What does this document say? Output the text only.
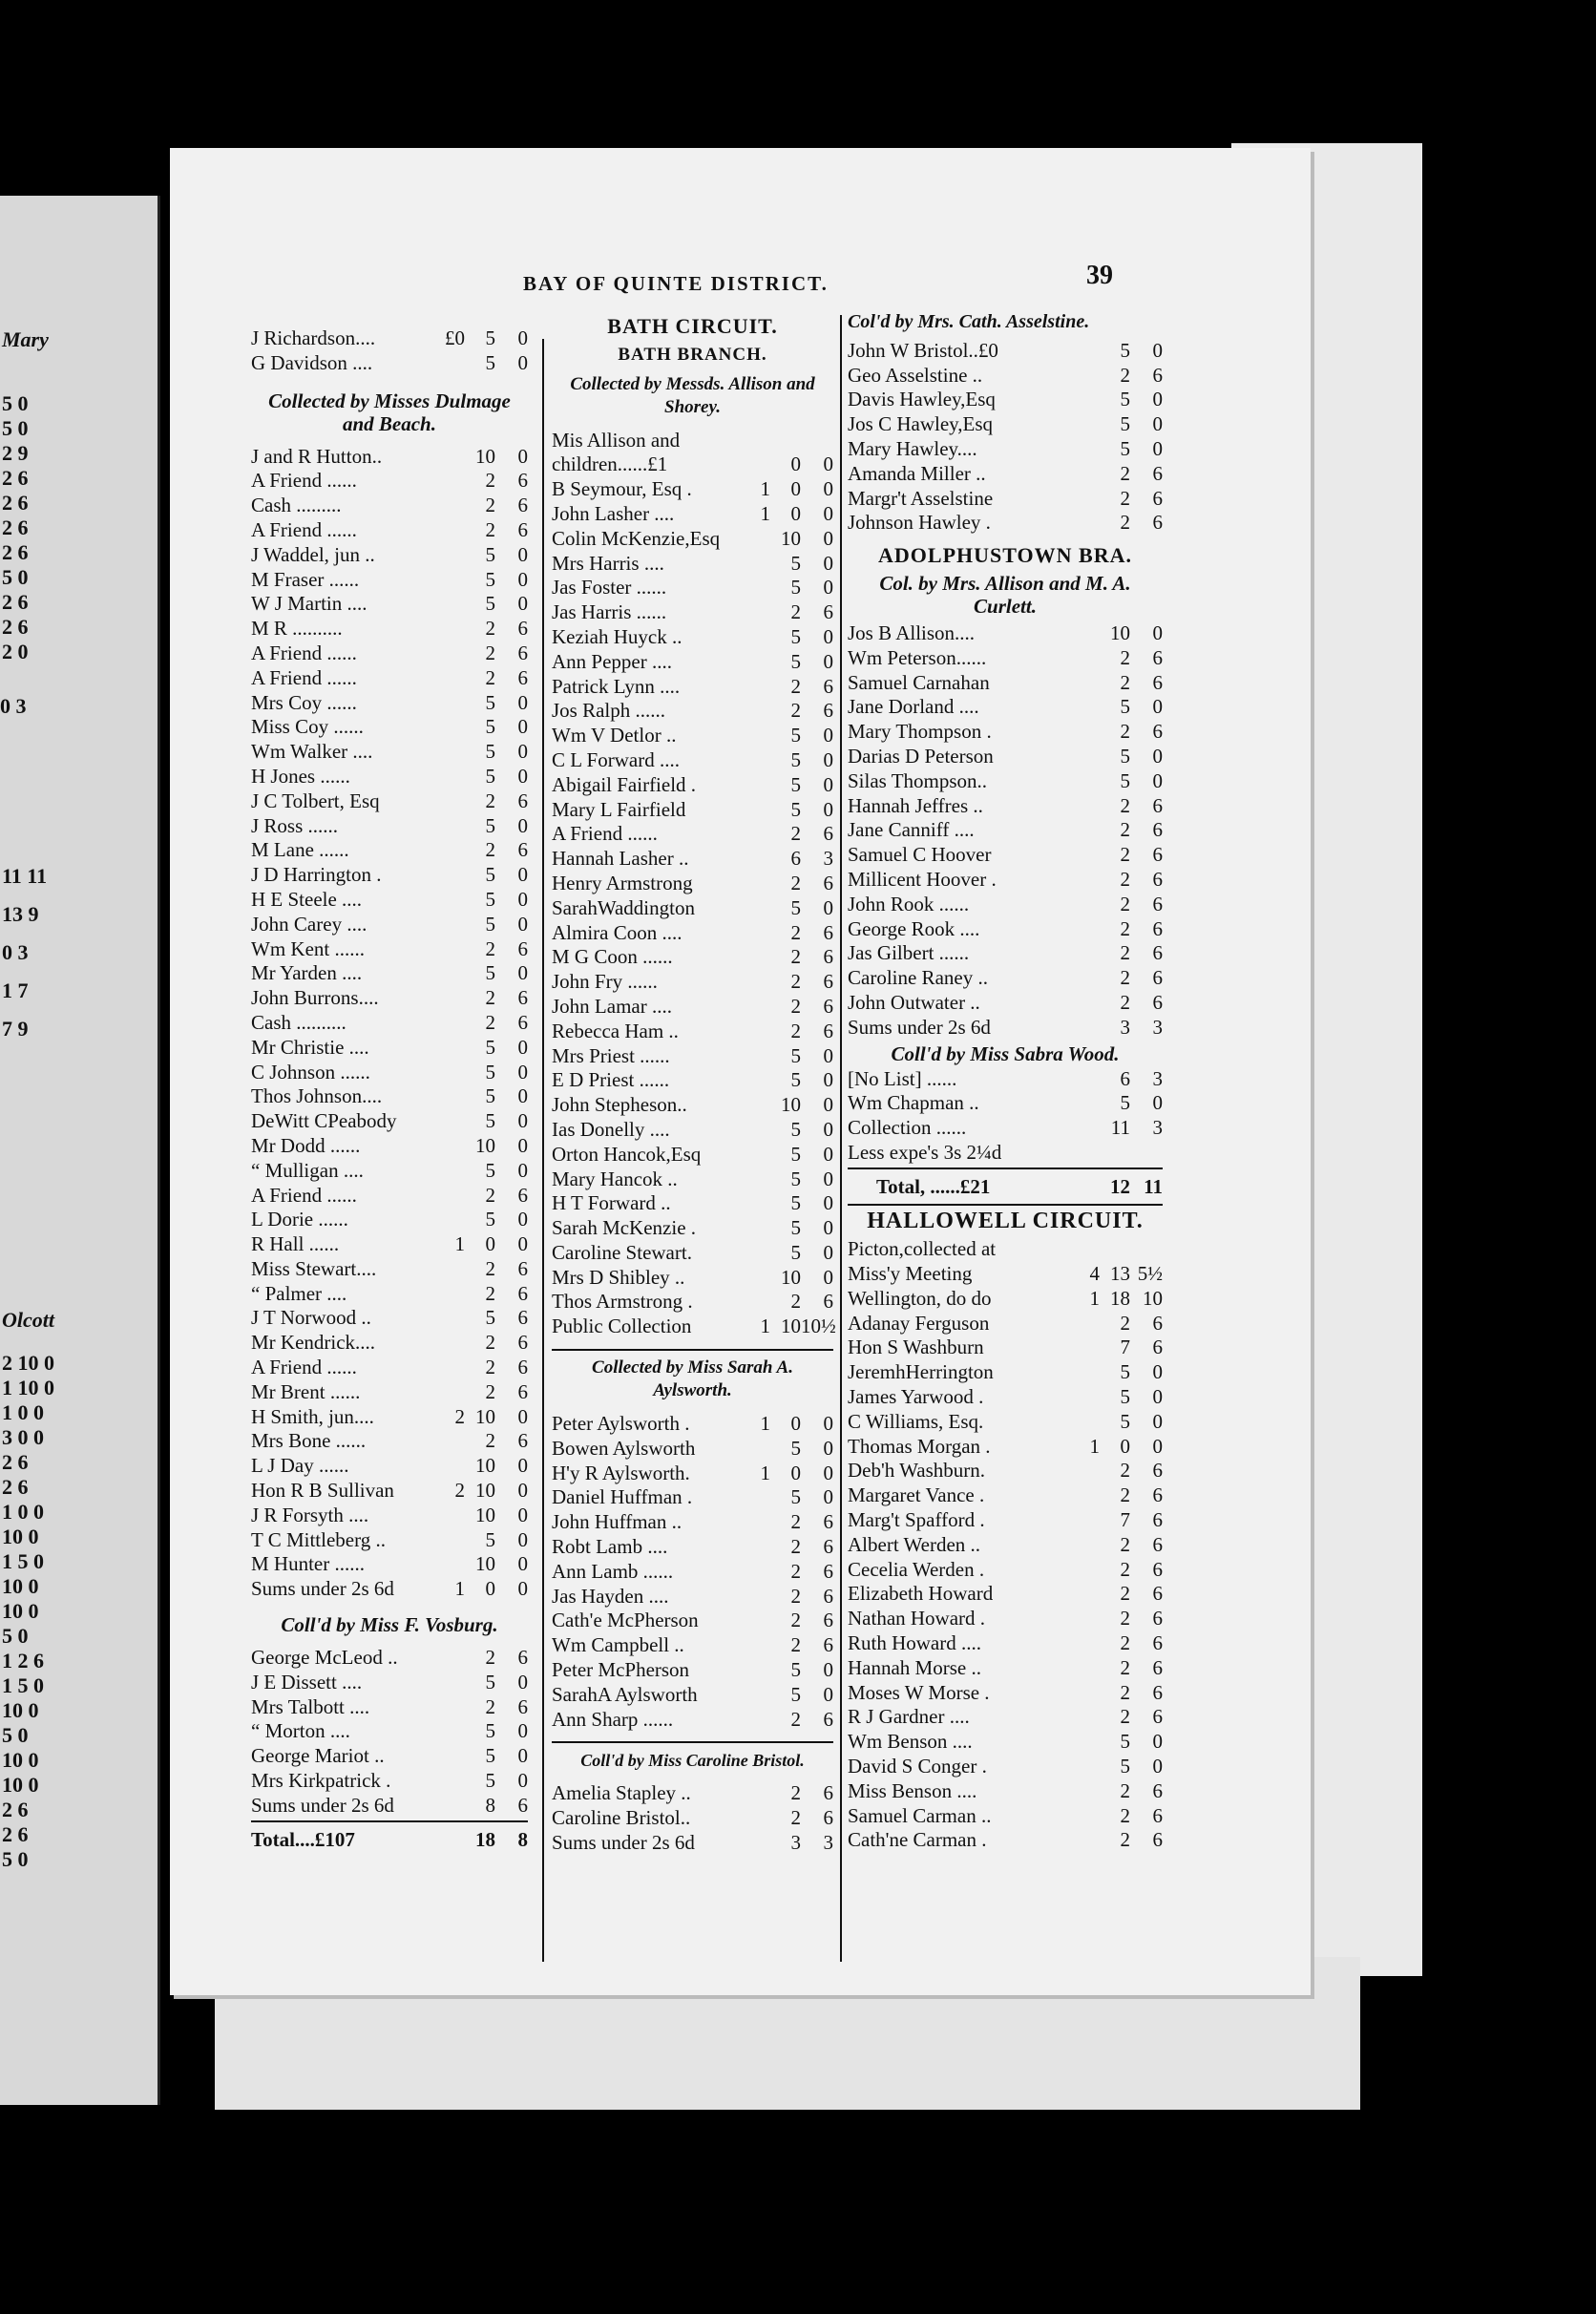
Mary
5 0
5 0
2 9
2 6
2 6
2 6
2 6
5 0
2 6
2 6
2 0
0 3
11 11
13 9
0 3
1 7
7 9
Olcott
2 10 0
1 10 0
1 0 0
3 0 0
2 6
2 6
1 0 0
10 0
1 5 0
10 0
10 0
5 0
1 2 6
1 5 0
10 0
5 0
10 0
10 0
2 6
2 6
5 0
BAY OF QUINTE DISTRICT.	39
J Richardson....	£0	5	0
G Davidson ....	5	0
Collected by Misses Dulmage and Beach.
J and R Hutton..	10	0
A Friend ......	2	6
Cash .........	2	6
A Friend ......	2	6
J Waddel, jun ..	5	0
M Fraser ......	5	0
W J Martin ....	5	0
M R ..........	2	6
A Friend ......	2	6
A Friend ......	2	6
Mrs Coy ......	5	0
Miss Coy ......	5	0
Wm Walker ....	5	0
H Jones ......	5	0
J C Tolbert, Esq	2	6
J Ross ......	5	0
M Lane ......	2	6
J D Harrington .	5	0
H E Steele ....	5	0
John Carey ....	5	0
Wm Kent ......	2	6
Mr Yarden ....	5	0
John Burrons....	2	6
Cash ..........	2	6
Mr Christie ....	5	0
C Johnson ......	5	0
Thos Johnson....	5	0
DeWitt CPeabody	5	0
Mr Dodd ......	10	0
“ Mulligan ....	5	0
A Friend ......	2	6
L Dorie ......	5	0
R Hall ......	1	0	0
Miss Stewart....	2	6
“ Palmer ....	2	6
J T Norwood ..	5	6
Mr Kendrick....	2	6
A Friend ......	2	6
Mr Brent ......	2	6
H Smith, jun....	2 10	0
Mrs Bone ......	2	6
L J Day ......	10	0
Hon R B Sullivan	2 10	0
J R Forsyth ....	10	0
T C Mittleberg ..	5	0
M Hunter ......	10	0
Sums under 2s 6d	1	0	0
Coll'd by Miss F. Vosburg.
George McLeod ..	2	6
J E Dissett ....	5	0
Mrs Talbott ....	2	6
“ Morton ....	5	0
George Mariot ..	5	0
Mrs Kirkpatrick .	5	0
Sums under 2s 6d	8	6
Total....£107	18	8
BATH CIRCUIT.
BATH BRANCH.
Collected by Messds. Allison and Shorey.
Mis Allison and
children......£1	0	0
B Seymour, Esq .	1	0	0
John Lasher ....	1	0	0
Colin McKenzie,Esq	10	0
Mrs Harris ....	5	0
Jas Foster ......	5	0
Jas Harris ......	2	6
Keziah Huyck ..	5	0
Ann Pepper ....	5	0
Patrick Lynn ....	2	6
Jos Ralph ......	2	6
Wm V Detlor ..	5	0
C L Forward ....	5	0
Abigail Fairfield .	5	0
Mary L Fairfield	5	0
A Friend ......	2	6
Hannah Lasher ..	6	3
Henry Armstrong	2	6
SarahWaddington	5	0
Almira Coon ....	2	6
M G Coon ......	2	6
John Fry ......	2	6
John Lamar ....	2	6
Rebecca Ham ..	2	6
Mrs Priest ......	5	0
E D Priest ......	5	0
John Stepheson..	10	0
Ias Donelly ....	5	0
Orton Hancok,Esq	5	0
Mary Hancok ..	5	0
H T Forward ..	5	0
Sarah McKenzie .	5	0
Caroline Stewart.	5	0
Mrs D Shibley ..	10	0
Thos Armstrong .	2	6
Public Collection	1 10 10½
Collected by Miss Sarah A. Aylsworth.
Peter Aylsworth .	1	0	0
Bowen Aylsworth	5	0
H'y R Aylsworth.	1	0	0
Daniel Huffman .	5	0
John Huffman ..	2	6
Robt Lamb ....	2	6
Ann Lamb ......	2	6
Jas Hayden ....	2	6
Cath'e McPherson	2	6
Wm Campbell ..	2	6
Peter McPherson	5	0
SarahA Aylsworth	5	0
Ann Sharp ......	2	6
Coll'd by Miss Caroline Bristol.
Amelia Stapley ..	2	6
Caroline Bristol..	2	6
Sums under 2s 6d	3	3
Col'd by Mrs. Cath. Asselstine.
John W Bristol..£0	5	0
Geo Asselstine ..	2	6
Davis Hawley,Esq	5	0
Jos C Hawley,Esq	5	0
Mary Hawley....	5	0
Amanda Miller ..	2	6
Margr't Asselstine	2	6
Johnson Hawley .	2	6
ADOLPHUSTOWN BRA.
Col. by Mrs. Allison and M. A. Curlett.
Jos B Allison....	10	0
Wm Peterson......	2	6
Samuel Carnahan	2	6
Jane Dorland ....	5	0
Mary Thompson .	2	6
Darias D Peterson	5	0
Silas Thompson..	5	0
Hannah Jeffres ..	2	6
Jane Canniff ....	2	6
Samuel C Hoover	2	6
Millicent Hoover .	2	6
John Rook ......	2	6
George Rook ....	2	6
Jas Gilbert ......	2	6
Caroline Raney ..	2	6
John Outwater ..	2	6
Sums under 2s 6d	3	3
Coll'd by Miss Sabra Wood.
[No List] ......	6	3
Wm Chapman ..	5	0
Collection ......	11	3
Less expe's 3s 2¼d
Total, ......£21	12 11
HALLOWELL CIRCUIT.
Picton,collected at
Miss'y Meeting	4 13 5½
Wellington, do do	1 18 10
Adanay Ferguson	2	6
Hon S Washburn	7	6
JeremhHerrington	5	0
James Yarwood .	5	0
C Williams, Esq.	5	0
Thomas Morgan .	1	0	0
Deb'h Washburn.	2	6
Margaret Vance .	2	6
Marg't Spafford .	7	6
Albert Werden ..	2	6
Cecelia Werden .	2	6
Elizabeth Howard	2	6
Nathan Howard .	2	6
Ruth Howard ....	2	6
Hannah Morse ..	2	6
Moses W Morse .	2	6
R J Gardner ....	2	6
Wm Benson ....	5	0
David S Conger .	5	0
Miss Benson ....	2	6
Samuel Carman ..	2	6
Cath'ne Carman .	2	6
